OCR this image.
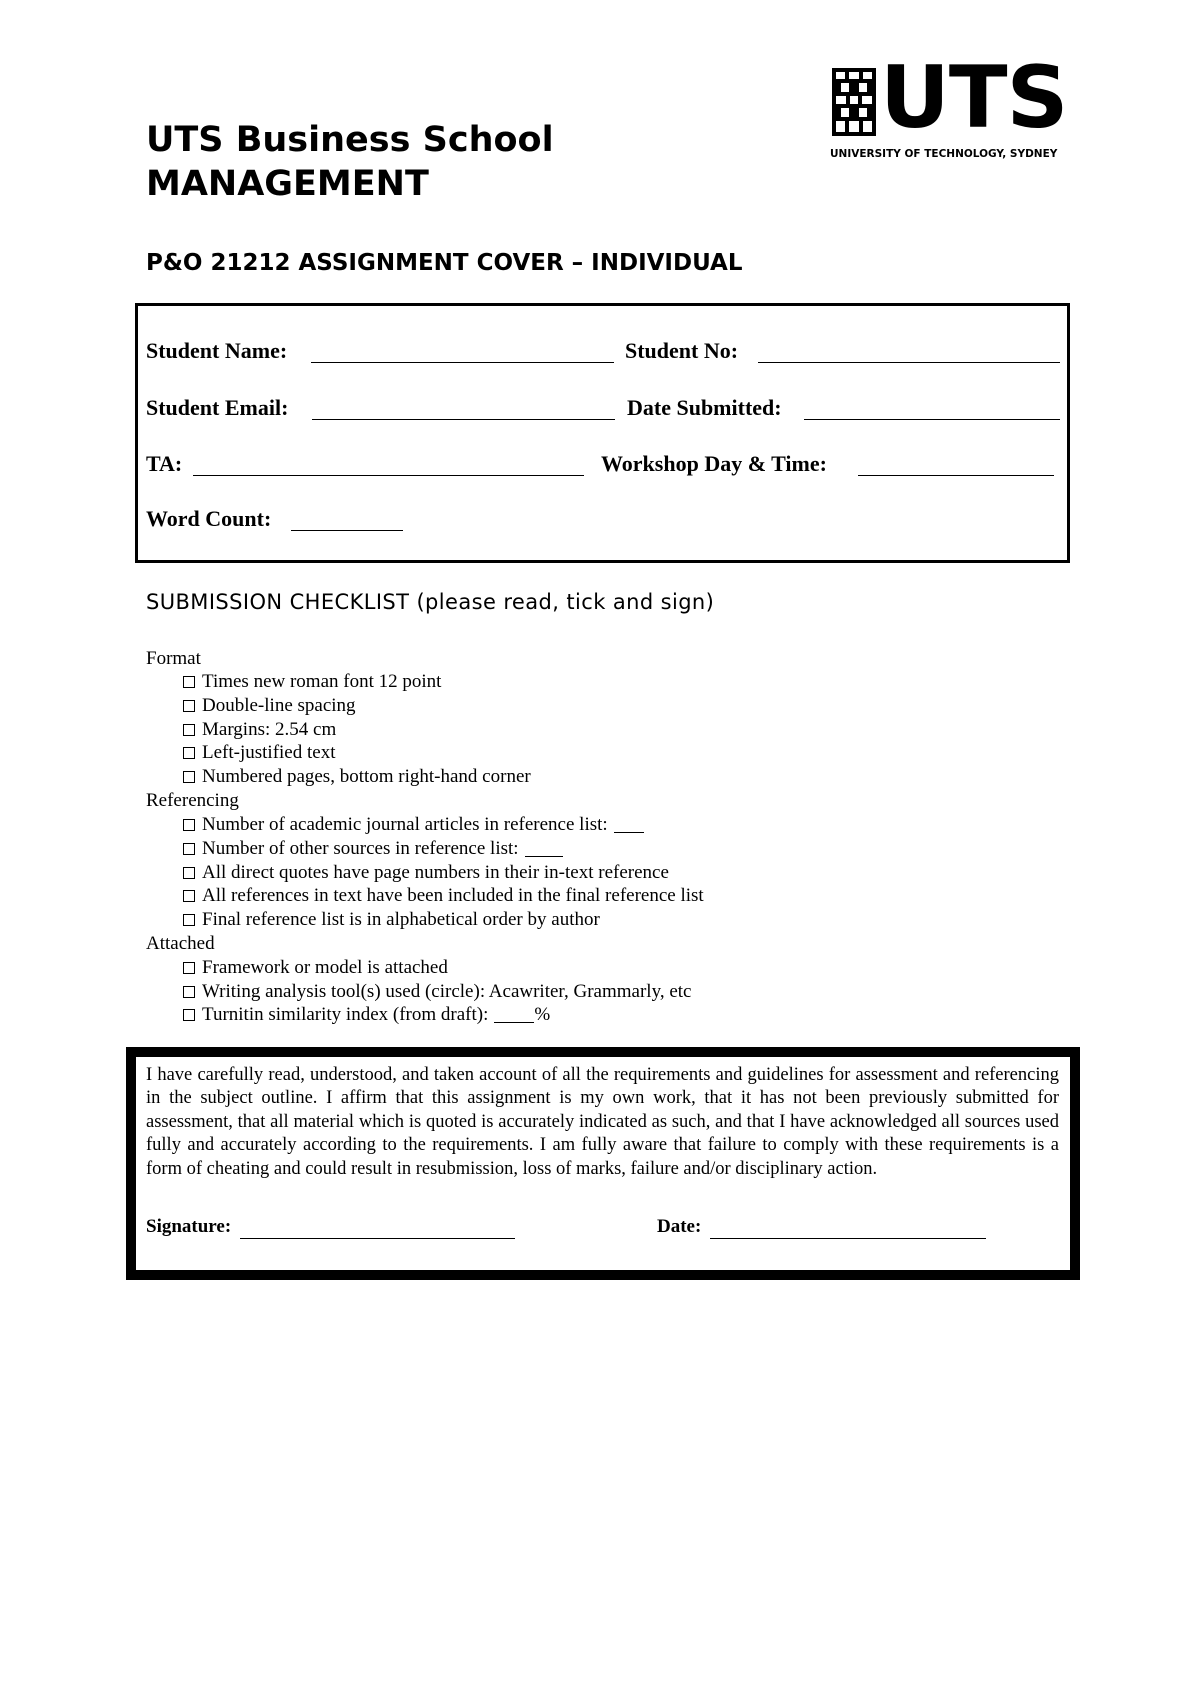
UTS Business School
MANAGEMENT
UTS
UNIVERSITY OF TECHNOLOGY, SYDNEY
P&O 21212 ASSIGNMENT COVER – INDIVIDUAL
Student Name:	Student No:
Student Email:	Date Submitted:
TA:	Workshop Day & Time:
Word Count:
SUBMISSION CHECKLIST (please read, tick and sign)
Format
Times new roman font 12 point
Double-line spacing
Margins: 2.54 cm
Left-justified text
Numbered pages, bottom right-hand corner
Referencing
Number of academic journal articles in reference list:
Number of other sources in reference list:
All direct quotes have page numbers in their in-text reference
All references in text have been included in the final reference list
Final reference list is in alphabetical order by author
Attached
Framework or model is attached
Writing analysis tool(s) used (circle): Acawriter, Grammarly, etc
Turnitin similarity index (from draft): %
I have carefully read, understood, and taken account of all the requirements and guidelines for assessment and referencing in the subject outline. I affirm that this assignment is my own work, that it has not been previously submitted for assessment, that all material which is quoted is accurately indicated as such, and that I have acknowledged all sources used fully and accurately according to the requirements. I am fully aware that failure to comply with these requirements is a form of cheating and could result in resubmission, loss of marks, failure and/or disciplinary action.
Signature:	Date:
